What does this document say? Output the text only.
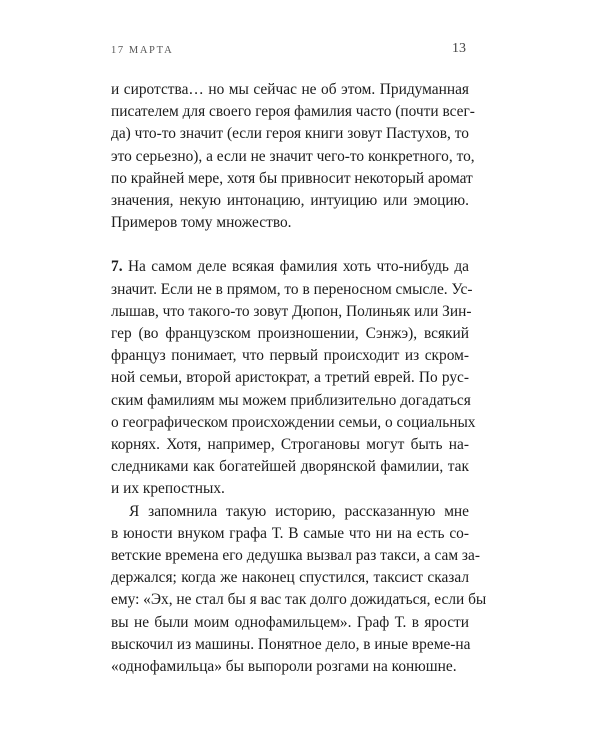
17 МАРТА	13

и сиротства… но мы сейчас не об этом. Придуманная
писателем для своего героя фамилия часто (почти всег-
да) что-то значит (если героя книги зовут Пастухов, то
это серьезно), а если не значит чего-то конкретного, то,
по крайней мере, хотя бы привносит некоторый аромат
значения, некую интонацию, интуицию или эмоцию.
Примеров тому множество.

7. На самом деле всякая фамилия хоть что-нибудь да
значит. Если не в прямом, то в переносном смысле. Ус-
лышав, что такого-то зовут Дюпон, Полиньяк или Зин-
гер (во французском произношении, Сэнжэ), всякий
француз понимает, что первый происходит из скром-
ной семьи, второй аристократ, а третий еврей. По рус-
ским фамилиям мы можем приблизительно догадаться
о географическом происхождении семьи, о социальных
корнях. Хотя, например, Строгановы могут быть на-
следниками как богатейшей дворянской фамилии, так
и их крепостных.

Я запомнила такую историю, рассказанную мне
в юности внуком графа Т. В самые что ни на есть со-
ветские времена его дедушка вызвал раз такси, а сам за-
держался; когда же наконец спустился, таксист сказал
ему: «Эх, не стал бы я вас так долго дожидаться, если бы
вы не были моим однофамильцем». Граф Т. в ярости
выскочил из машины. Понятное дело, в иные време-на
«однофамильца» бы выпороли розгами на конюшне.
